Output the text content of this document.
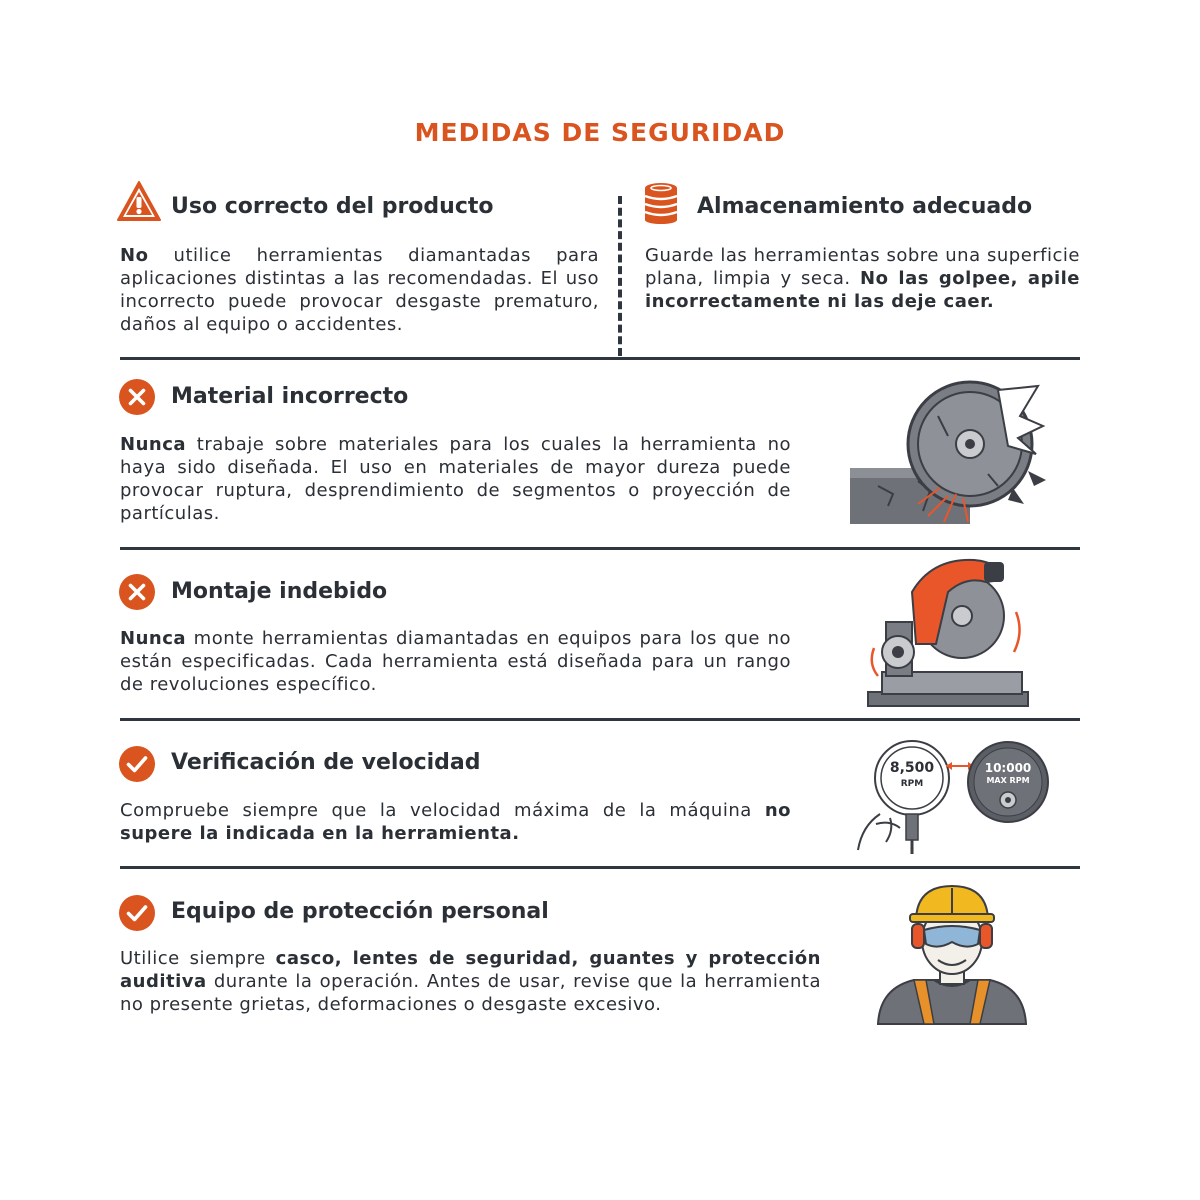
MEDIDAS DE SEGURIDAD
Uso correcto del producto

No utilice herramientas diamantadas para aplicaciones distintas a las recomendadas. El uso incorrecto puede provocar desgaste prematuro, daños al equipo o accidentes.

Almacenamiento adecuado

Guarde las herramientas sobre una superficie plana, limpia y seca. No las golpee, apile incorrectamente ni las deje caer.

Material incorrecto

Nunca trabaje sobre materiales para los cuales la herramienta no haya sido diseñada. El uso en materiales de mayor dureza puede provocar ruptura, desprendimiento de segmentos o proyección de partículas.

Montaje indebido

Nunca monte herramientas diamantadas en equipos para los que no están especificadas. Cada herramienta está diseñada para un rango de revoluciones específico.

Verificación de velocidad

Compruebe siempre que la velocidad máxima de la máquina no supere la indicada en la herramienta.

8,500
RPM
10:000
MAX RPM
Equipo de protección personal

Utilice siempre casco, lentes de seguridad, guantes y protección auditiva durante la operación. Antes de usar, revise que la herramienta no presente grietas, deformaciones o desgaste excesivo.
